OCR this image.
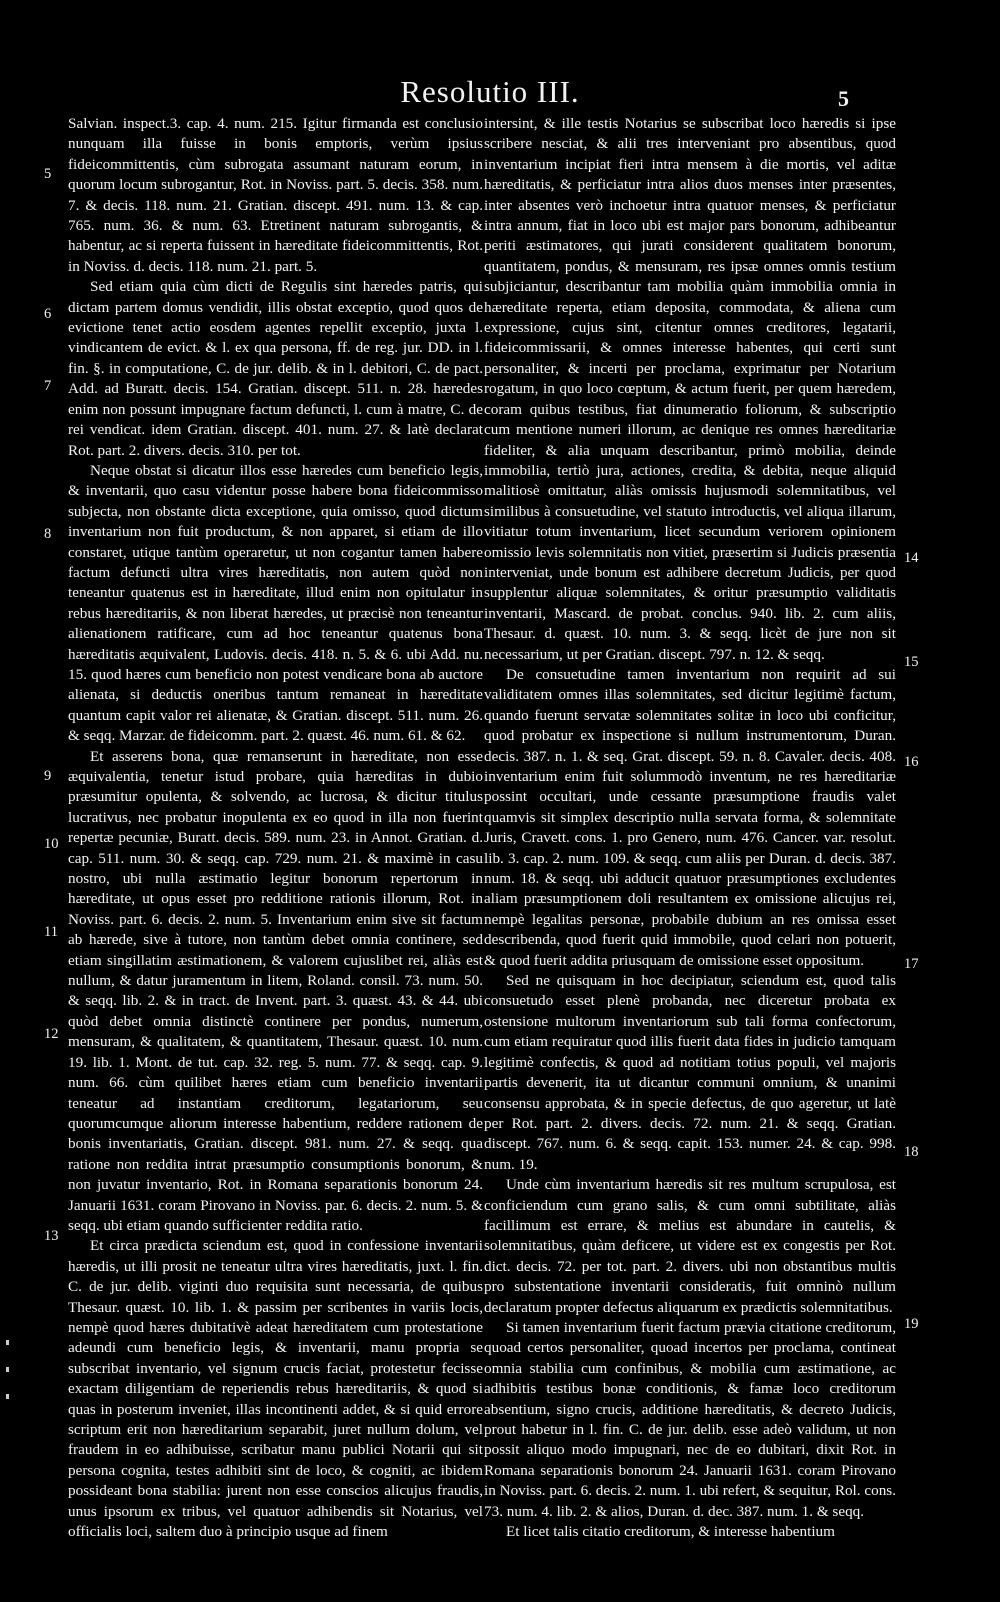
Resolutio III.	5
5
6
7
8
9
10
11
12
13
14
15
16
17
18
19

Salvian. inspect.3. cap. 4. num. 215. Igitur firmanda est conclusio nunquam illa fuisse in bonis emptoris, verùm ipsius fideicommittentis, cùm subrogata assumant naturam eorum, in quorum locum subrogantur, Rot. in Noviss. part. 5. decis. 358. num. 7. & decis. 118. num. 21. Gratian. discept. 491. num. 13. & cap. 765. num. 36. & num. 63. Etretinent naturam subrogantis, & habentur, ac si reperta fuissent in hæreditate fideicommittentis, Rot. in Noviss. d. decis. 118. num. 21. part. 5.

Sed etiam quia cùm dicti de Regulis sint hæredes patris, qui dictam partem domus vendidit, illis obstat exceptio, quod quos de evictione tenet actio eosdem agentes repellit exceptio, juxta l. vindicantem de evict. & l. ex qua persona, ff. de reg. jur. DD. in l. fin. §. in computatione, C. de jur. delib. & in l. debitori, C. de pact. Add. ad Buratt. decis. 154. Gratian. discept. 511. n. 28. hæredes enim non possunt impugnare factum defuncti, l. cum à matre, C. de rei vendicat. idem Gratian. discept. 401. num. 27. & latè declarat Rot. part. 2. divers. decis. 310. per tot.

Neque obstat si dicatur illos esse hæredes cum beneficio legis, & inventarii, quo casu videntur posse habere bona fideicommisso subjecta, non obstante dicta exceptione, quia omisso, quod dictum inventarium non fuit productum, & non apparet, si etiam de illo constaret, utique tantùm operaretur, ut non cogantur tamen habere factum defuncti ultra vires hæreditatis, non autem quòd non teneantur quatenus est in hæreditate, illud enim non opitulatur in rebus hæreditariis, & non liberat hæredes, ut præcisè non teneantur alienationem ratificare, cum ad hoc teneantur quatenus bona hæreditatis æquivalent, Ludovis. decis. 418. n. 5. & 6. ubi Add. nu. 15. quod hæres cum beneficio non potest vendicare bona ab auctore alienata, si deductis oneribus tantum remaneat in hæreditate quantum capit valor rei alienatæ, & Gratian. discept. 511. num. 26. & seqq. Marzar. de fideicomm. part. 2. quæst. 46. num. 61. & 62.

Et asserens bona, quæ remanserunt in hæreditate, non esse æquivalentia, tenetur istud probare, quia hæreditas in dubio præsumitur opulenta, & solvendo, ac lucrosa, & dicitur titulus lucrativus, nec probatur inopulenta ex eo quod in illa non fuerint repertæ pecuniæ, Buratt. decis. 589. num. 23. in Annot. Gratian. d. cap. 511. num. 30. & seqq. cap. 729. num. 21. & maximè in casu nostro, ubi nulla æstimatio legitur bonorum repertorum in hæreditate, ut opus esset pro redditione rationis illorum, Rot. in Noviss. part. 6. decis. 2. num. 5. Inventarium enim sive sit factum ab hærede, sive à tutore, non tantùm debet omnia continere, sed etiam singillatim æstimationem, & valorem cujuslibet rei, aliàs est nullum, & datur juramentum in litem, Roland. consil. 73. num. 50. & seqq. lib. 2. & in tract. de Invent. part. 3. quæst. 43. & 44. ubi quòd debet omnia distinctè continere per pondus, numerum, mensuram, & qualitatem, & quantitatem, Thesaur. quæst. 10. num. 19. lib. 1. Mont. de tut. cap. 32. reg. 5. num. 77. & seqq. cap. 9. num. 66. cùm quilibet hæres etiam cum beneficio inventarii teneatur ad instantiam creditorum, legatariorum, seu quorumcumque aliorum interesse habentium, reddere rationem de bonis inventariatis, Gratian. discept. 981. num. 27. & seqq. qua ratione non reddita intrat præsumptio consumptionis bonorum, & non juvatur inventario, Rot. in Romana separationis bonorum 24. Januarii 1631. coram Pirovano in Noviss. par. 6. decis. 2. num. 5. & seqq. ubi etiam quando sufficienter reddita ratio.

Et circa prædicta sciendum est, quod in confessione inventarii hæredis, ut illi prosit ne teneatur ultra vires hæreditatis, juxt. l. fin. C. de jur. delib. viginti duo requisita sunt necessaria, de quibus Thesaur. quæst. 10. lib. 1. & passim per scribentes in variis locis, nempè quod hæres dubitativè adeat hæreditatem cum protestatione adeundi cum beneficio legis, & inventarii, manu propria se subscribat inventario, vel signum crucis faciat, protestetur fecisse exactam diligentiam de reperiendis rebus hæreditariis, & quod si quas in posterum inveniet, illas incontinenti addet, & si quid errore scriptum erit non hæreditarium separabit, juret nullum dolum, vel fraudem in eo adhibuisse, scribatur manu publici Notarii qui sit persona cognita, testes adhibiti sint de loco, & cogniti, ac ibidem possideant bona stabilia: jurent non esse conscios alicujus fraudis, unus ipsorum ex tribus, vel quatuor adhibendis sit Notarius, vel officialis loci, saltem duo à principio usque ad finem

intersint, & ille testis Notarius se subscribat loco hæredis si ipse scribere nesciat, & alii tres interveniant pro absentibus, quod inventarium incipiat fieri intra mensem à die mortis, vel aditæ hæreditatis, & perficiatur intra alios duos menses inter præsentes, inter absentes verò inchoetur intra quatuor menses, & perficiatur intra annum, fiat in loco ubi est major pars bonorum, adhibeantur periti æstimatores, qui jurati considerent qualitatem bonorum, quantitatem, pondus, & mensuram, res ipsæ omnes omnis testium subjiciantur, describantur tam mobilia quàm immobilia omnia in hæreditate reperta, etiam deposita, commodata, & aliena cum expressione, cujus sint, citentur omnes creditores, legatarii, fideicommissarii, & omnes interesse habentes, qui certi sunt personaliter, & incerti per proclama, exprimatur per Notarium rogatum, in quo loco cœptum, & actum fuerit, per quem hæredem, coram quibus testibus, fiat dinumeratio foliorum, & subscriptio cum mentione numeri illorum, ac denique res omnes hæreditariæ fideliter, & alia unquam describantur, primò mobilia, deinde immobilia, tertiò jura, actiones, credita, & debita, neque aliquid malitiosè omittatur, aliàs omissis hujusmodi solemnitatibus, vel similibus à consuetudine, vel statuto introductis, vel aliqua illarum, vitiatur totum inventarium, licet secundum veriorem opinionem omissio levis solemnitatis non vitiet, præsertim si Judicis præsentia interveniat, unde bonum est adhibere decretum Judicis, per quod supplentur aliquæ solemnitates, & oritur præsumptio validitatis inventarii, Mascard. de probat. conclus. 940. lib. 2. cum aliis, Thesaur. d. quæst. 10. num. 3. & seqq. licèt de jure non sit necessarium, ut per Gratian. discept. 797. n. 12. & seqq.

De consuetudine tamen inventarium non requirit ad sui validitatem omnes illas solemnitates, sed dicitur legitimè factum, quando fuerunt servatæ solemnitates solitæ in loco ubi conficitur, quod probatur ex inspectione si nullum instrumentorum, Duran. decis. 387. n. 1. & seq. Grat. discept. 59. n. 8. Cavaler. decis. 408. inventarium enim fuit solummodò inventum, ne res hæreditariæ possint occultari, unde cessante præsumptione fraudis valet quamvis sit simplex descriptio nulla servata forma, & solemnitate Juris, Cravett. cons. 1. pro Genero, num. 476. Cancer. var. resolut. lib. 3. cap. 2. num. 109. & seqq. cum aliis per Duran. d. decis. 387. num. 18. & seqq. ubi adducit quatuor præsumptiones excludentes aliam præsumptionem doli resultantem ex omissione alicujus rei, nempè legalitas personæ, probabile dubium an res omissa esset describenda, quod fuerit quid immobile, quod celari non potuerit, & quod fuerit addita priusquam de omissione esset oppositum.

Sed ne quisquam in hoc decipiatur, sciendum est, quod talis consuetudo esset plenè probanda, nec diceretur probata ex ostensione multorum inventariorum sub tali forma confectorum, cum etiam requiratur quod illis fuerit data fides in judicio tamquam legitimè confectis, & quod ad notitiam totius populi, vel majoris partis devenerit, ita ut dicantur communi omnium, & unanimi consensu approbata, & in specie defectus, de quo ageretur, ut latè per Rot. part. 2. divers. decis. 72. num. 21. & seqq. Gratian. discept. 767. num. 6. & seqq. capit. 153. numer. 24. & cap. 998. num. 19.

Unde cùm inventarium hæredis sit res multum scrupulosa, est conficiendum cum grano salis, & cum omni subtilitate, aliàs facillimum est errare, & melius est abundare in cautelis, & solemnitatibus, quàm deficere, ut videre est ex congestis per Rot. dict. decis. 72. per tot. part. 2. divers. ubi non obstantibus multis pro substentatione inventarii consideratis, fuit omninò nullum declaratum propter defectus aliquarum ex prædictis solemnitatibus.

Si tamen inventarium fuerit factum prævia citatione creditorum, quoad certos personaliter, quoad incertos per proclama, contineat omnia stabilia cum confinibus, & mobilia cum æstimatione, ac adhibitis testibus bonæ conditionis, & famæ loco creditorum absentium, signo crucis, additione hæreditatis, & decreto Judicis, prout habetur in l. fin. C. de jur. delib. esse adeò validum, ut non possit aliquo modo impugnari, nec de eo dubitari, dixit Rot. in Romana separationis bonorum 24. Januarii 1631. coram Pirovano in Noviss. part. 6. decis. 2. num. 1. ubi refert, & sequitur, Rol. cons. 73. num. 4. lib. 2. & alios, Duran. d. dec. 387. num. 1. & seqq.

Et licet talis citatio creditorum, & interesse habentium
